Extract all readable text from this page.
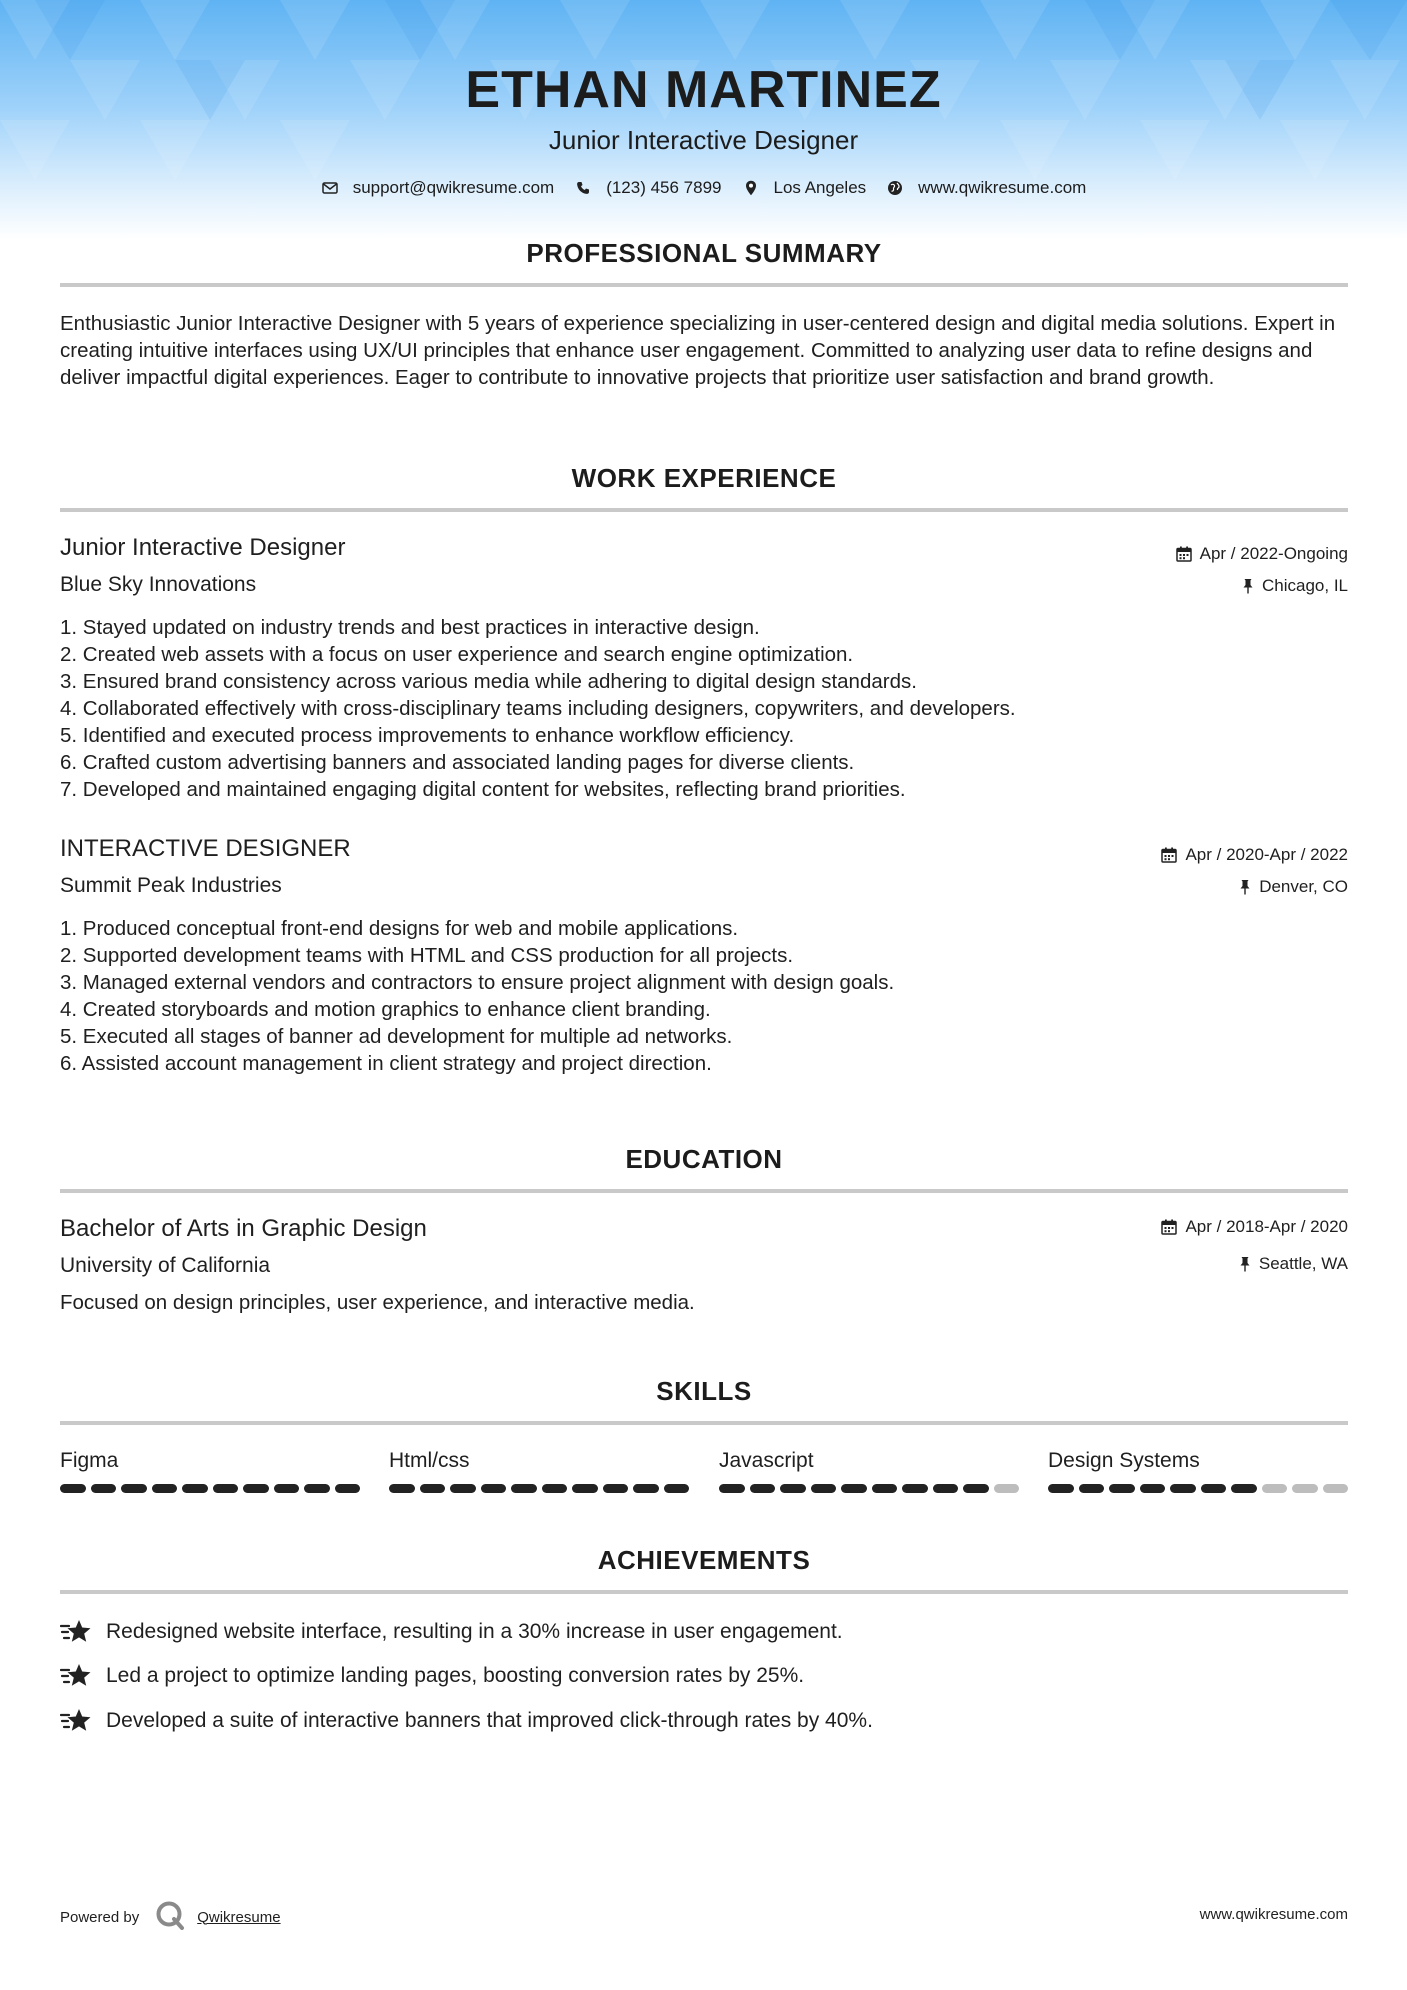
ETHAN MARTINEZ
Junior Interactive Designer
support@qwikresume.com	(123) 456 7899	Los Angeles	www.qwikresume.com
PROFESSIONAL SUMMARY
Enthusiastic Junior Interactive Designer with 5 years of experience specializing in user-centered design and digital media solutions. Expert in creating intuitive interfaces using UX/UI principles that enhance user engagement. Committed to analyzing user data to refine designs and deliver impactful digital experiences. Eager to contribute to innovative projects that prioritize user satisfaction and brand growth.
WORK EXPERIENCE
Junior Interactive Designer
Blue Sky Innovations
Apr / 2022-Ongoing
Chicago, IL
1. Stayed updated on industry trends and best practices in interactive design.
2. Created web assets with a focus on user experience and search engine optimization.
3. Ensured brand consistency across various media while adhering to digital design standards.
4. Collaborated effectively with cross-disciplinary teams including designers, copywriters, and developers.
5. Identified and executed process improvements to enhance workflow efficiency.
6. Crafted custom advertising banners and associated landing pages for diverse clients.
7. Developed and maintained engaging digital content for websites, reflecting brand priorities.
INTERACTIVE DESIGNER
Summit Peak Industries
Apr / 2020-Apr / 2022
Denver, CO
1. Produced conceptual front-end designs for web and mobile applications.
2. Supported development teams with HTML and CSS production for all projects.
3. Managed external vendors and contractors to ensure project alignment with design goals.
4. Created storyboards and motion graphics to enhance client branding.
5. Executed all stages of banner ad development for multiple ad networks.
6. Assisted account management in client strategy and project direction.
EDUCATION
Bachelor of Arts in Graphic Design
University of California
Apr / 2018-Apr / 2020
Seattle, WA
Focused on design principles, user experience, and interactive media.
SKILLS
Figma	Html/css	Javascript	Design Systems
ACHIEVEMENTS
Redesigned website interface, resulting in a 30% increase in user engagement.
Led a project to optimize landing pages, boosting conversion rates by 25%.
Developed a suite of interactive banners that improved click-through rates by 40%.
Powered by	Qwikresume	www.qwikresume.com
